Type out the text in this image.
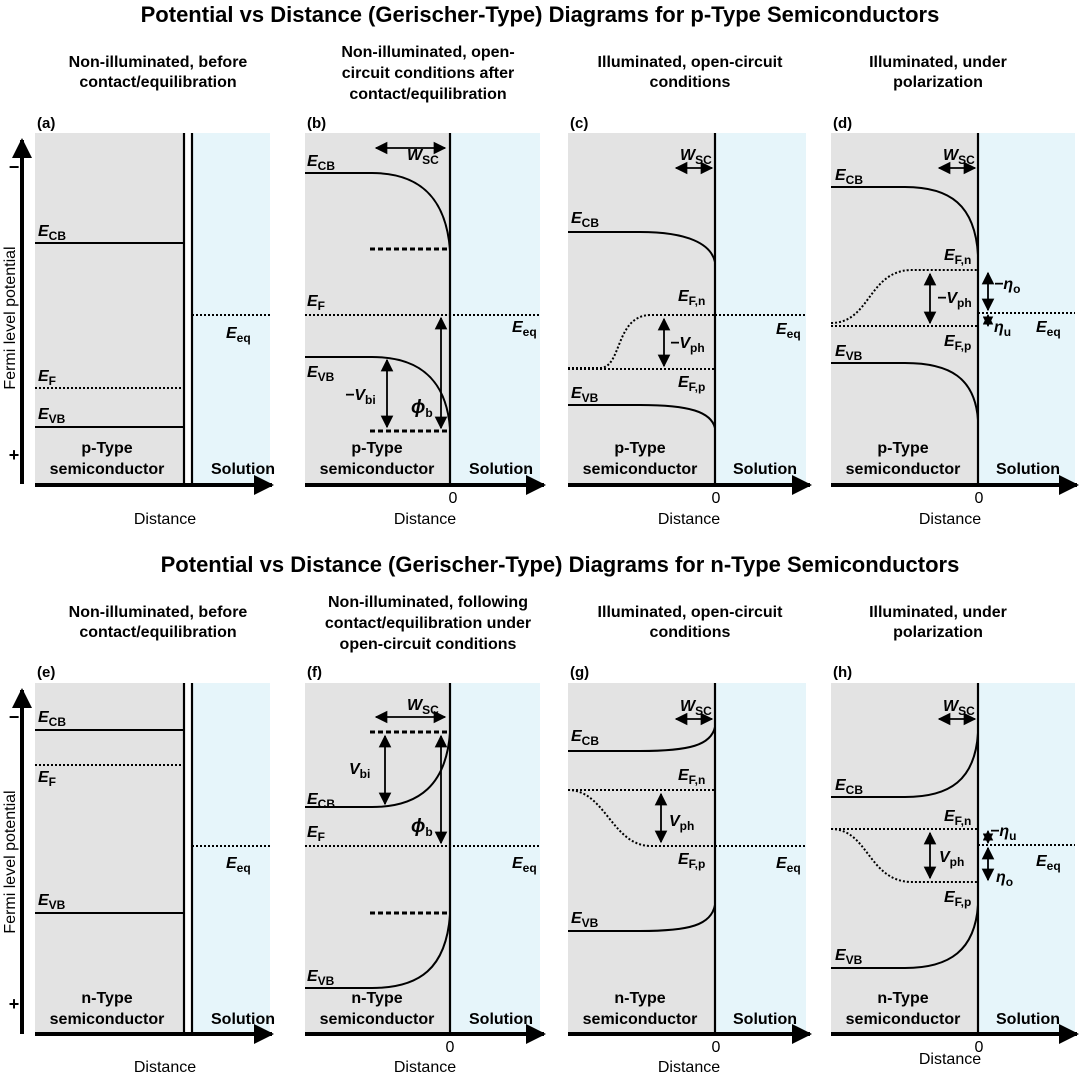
Potential vs Distance (Gerischer-Type) Diagrams for p-Type Semiconductors
Potential vs Distance (Gerischer-Type) Diagrams for n-Type Semiconductors
Non-illuminated, before contact/equilibration
Non-illuminated, open-circuit conditions after contact/equilibration
Illuminated, open-circuit conditions
Illuminated, under polarization
(a)	(b)	(c)	(d)
−
+
Fermi level potential
Distance	Distance	Distance	Distance
0	0	0
p-Type semiconductor	Solution
p-Type semiconductor Solution
p-Type semiconductor Solution
p-Type semiconductor Solution
$E_{CB}$
$E_F$
$E_{VB}$
$E_{eq}$
$E_{CB}$
$W_{SC}$
$E_F$
$E_{VB}$
$-V_{bi}$ $\phi_b$
$E_{eq}$
$W_{SC}$
$E_{CB}$
$E_{F,n}$
$-V_{ph}$
$E_{F,p}$
$E_{VB}$
$E_{eq}$
$W_{SC}$
$E_{CB}$
$E_{F,n}$
$-\eta_o$
$-V_{ph}$
$\eta_u$
$E_{F,p}$
$E_{VB}$
$E_{eq}$
Non-illuminated, before contact/equilibration
Non-illuminated, following contact/equilibration under open-circuit conditions
Illuminated, open-circuit conditions
Illuminated, under polarization
(e)	(f)	(g)	(h)
−
+
Fermi level potential
Distance	Distance	Distance	Distance
0	0	0
n-Type semiconductor	Solution
n-Type semiconductor Solution
n-Type semiconductor Solution
n-Type semiconductor Solution
$E_{CB}$
$E_F$
$E_{VB}$
$E_{eq}$
$W_{SC}$
$V_{bi}$
$E_{CB}$
$\phi_b$
$E_F$
$E_{eq}$
$E_{VB}$
$W_{SC}$
$E_{CB}$
$E_{F,n}$
$V_{ph}$
$E_{F,p}$	$E_{eq}$
$E_{VB}$
$W_{SC}$
$E_{CB}$
$E_{F,n}$
$-\eta_u$
$V_{ph}$	$E_{eq}$
$\eta_o$
$E_{F,p}$
$E_{VB}$
